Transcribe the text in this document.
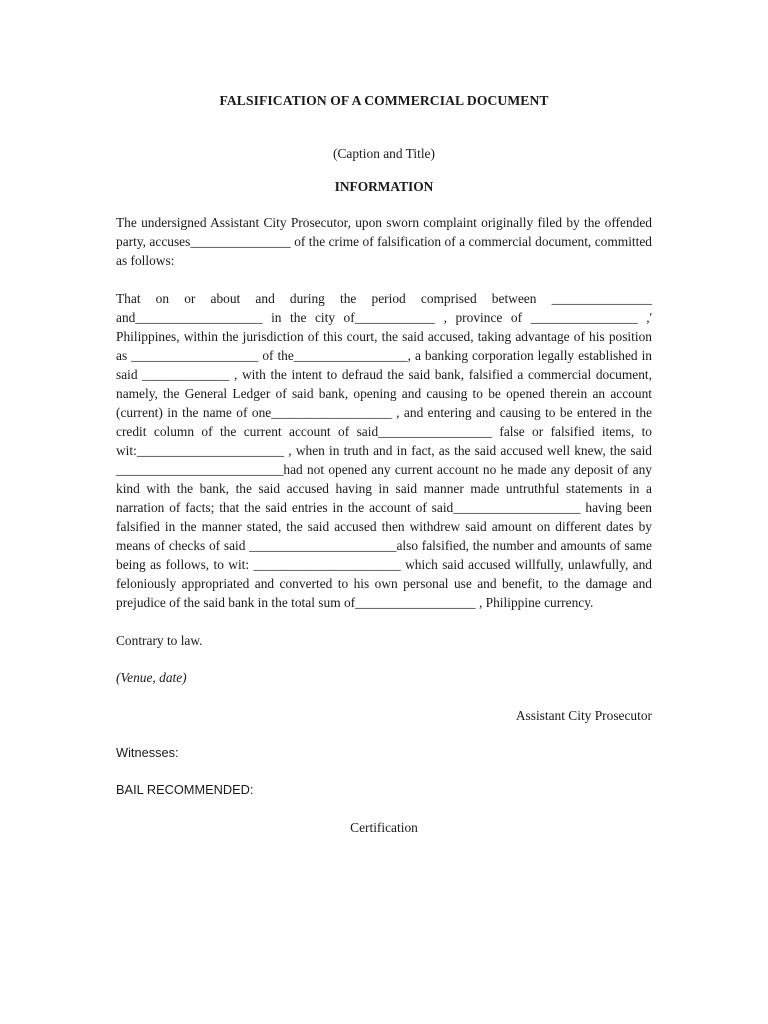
FALSIFICATION OF A COMMERCIAL DOCUMENT

(Caption and Title)
INFORMATION

The undersigned Assistant City Prosecutor, upon sworn complaint originally filed by the offended party, accuses_______________ of the crime of falsification of a commercial document, committed as follows:

That on or about and during the period comprised between _______________ and___________________ in the city of____________ , province of ________________ ,' Philippines, within the jurisdiction of this court, the said accused, taking advantage of his position as ___________________ of the_________________, a banking corporation legally established in said _____________ , with the intent to defraud the said bank, falsified a commercial document, namely, the General Ledger of said bank, opening and causing to be opened therein an account (current) in the name of one__________________ , and entering and causing to be entered in the credit column of the current account of said_________________ false or falsified items, to wit:______________________ , when in truth and in fact, as the said accused well knew, the said _________________________had not opened any current account no he made any deposit of any kind with the bank, the said accused having in said manner made untruthful statements in a narration of facts; that the said entries in the account of said___________________ having been falsified in the manner stated, the said accused then withdrew said amount on different dates by means of checks of said ______________________also falsified, the number and amounts of same being as follows, to wit: ______________________ which said accused willfully, unlawfully, and feloniously appropriated and converted to his own personal use and benefit, to the damage and prejudice of the said bank in the total sum of__________________ , Philippine currency.

Contrary to law.
(Venue, date)
Assistant City Prosecutor
Witnesses:
BAIL RECOMMENDED:
Certification
